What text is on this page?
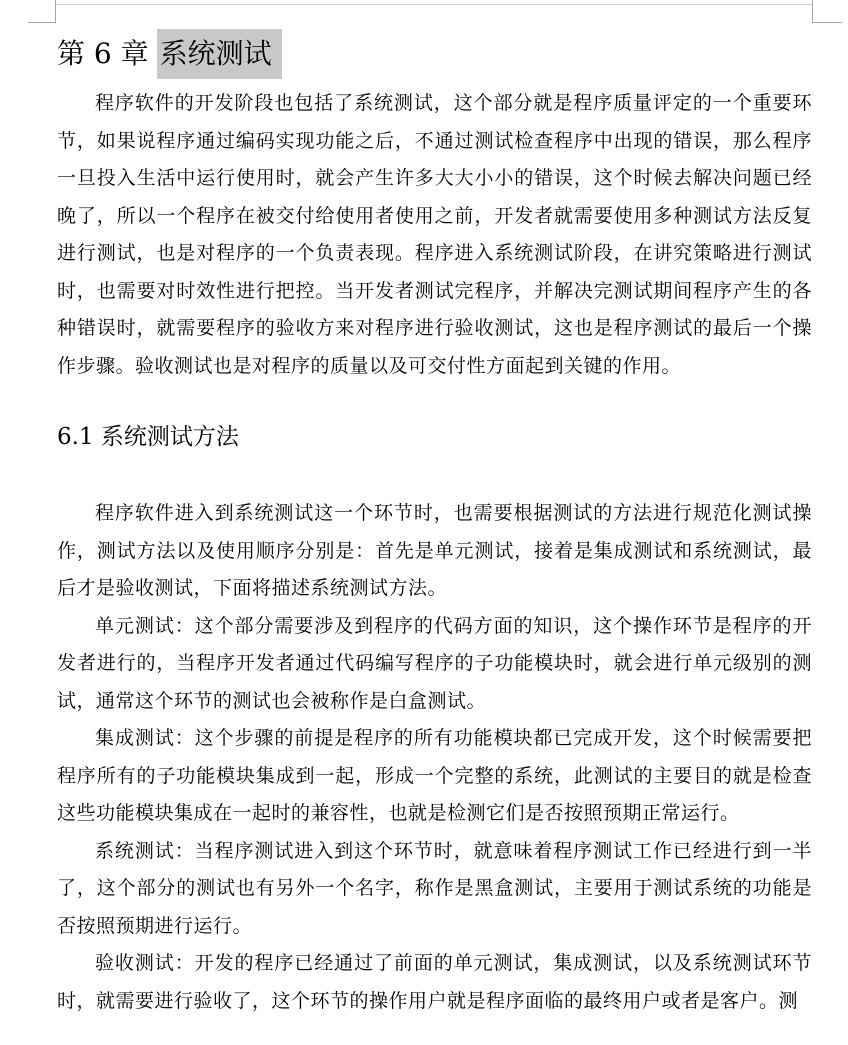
第 6 章 系统测试

程序软件的开发阶段也包括了系统测试，这个部分就是程序质量评定的一个重要环节，如果说程序通过编码实现功能之后，不通过测试检查程序中出现的错误，那么程序一旦投入生活中运行使用时，就会产生许多大大小小的错误，这个时候去解决问题已经晚了，所以一个程序在被交付给使用者使用之前，开发者就需要使用多种测试方法反复进行测试，也是对程序的一个负责表现。程序进入系统测试阶段，在讲究策略进行测试时，也需要对时效性进行把控。当开发者测试完程序，并解决完测试期间程序产生的各种错误时，就需要程序的验收方来对程序进行验收测试，这也是程序测试的最后一个操作步骤。验收测试也是对程序的质量以及可交付性方面起到关键的作用。

6.1 系统测试方法

程序软件进入到系统测试这一个环节时，也需要根据测试的方法进行规范化测试操作，测试方法以及使用顺序分别是：首先是单元测试，接着是集成测试和系统测试，最后才是验收测试，下面将描述系统测试方法。

单元测试：这个部分需要涉及到程序的代码方面的知识，这个操作环节是程序的开发者进行的，当程序开发者通过代码编写程序的子功能模块时，就会进行单元级别的测试，通常这个环节的测试也会被称作是白盒测试。

集成测试：这个步骤的前提是程序的所有功能模块都已完成开发，这个时候需要把程序所有的子功能模块集成到一起，形成一个完整的系统，此测试的主要目的就是检查这些功能模块集成在一起时的兼容性，也就是检测它们是否按照预期正常运行。

系统测试：当程序测试进入到这个环节时，就意味着程序测试工作已经进行到一半了，这个部分的测试也有另外一个名字，称作是黑盒测试，主要用于测试系统的功能是否按照预期进行运行。

验收测试：开发的程序已经通过了前面的单元测试，集成测试，以及系统测试环节时，就需要进行验收了，这个环节的操作用户就是程序面临的最终用户或者是客户。测
